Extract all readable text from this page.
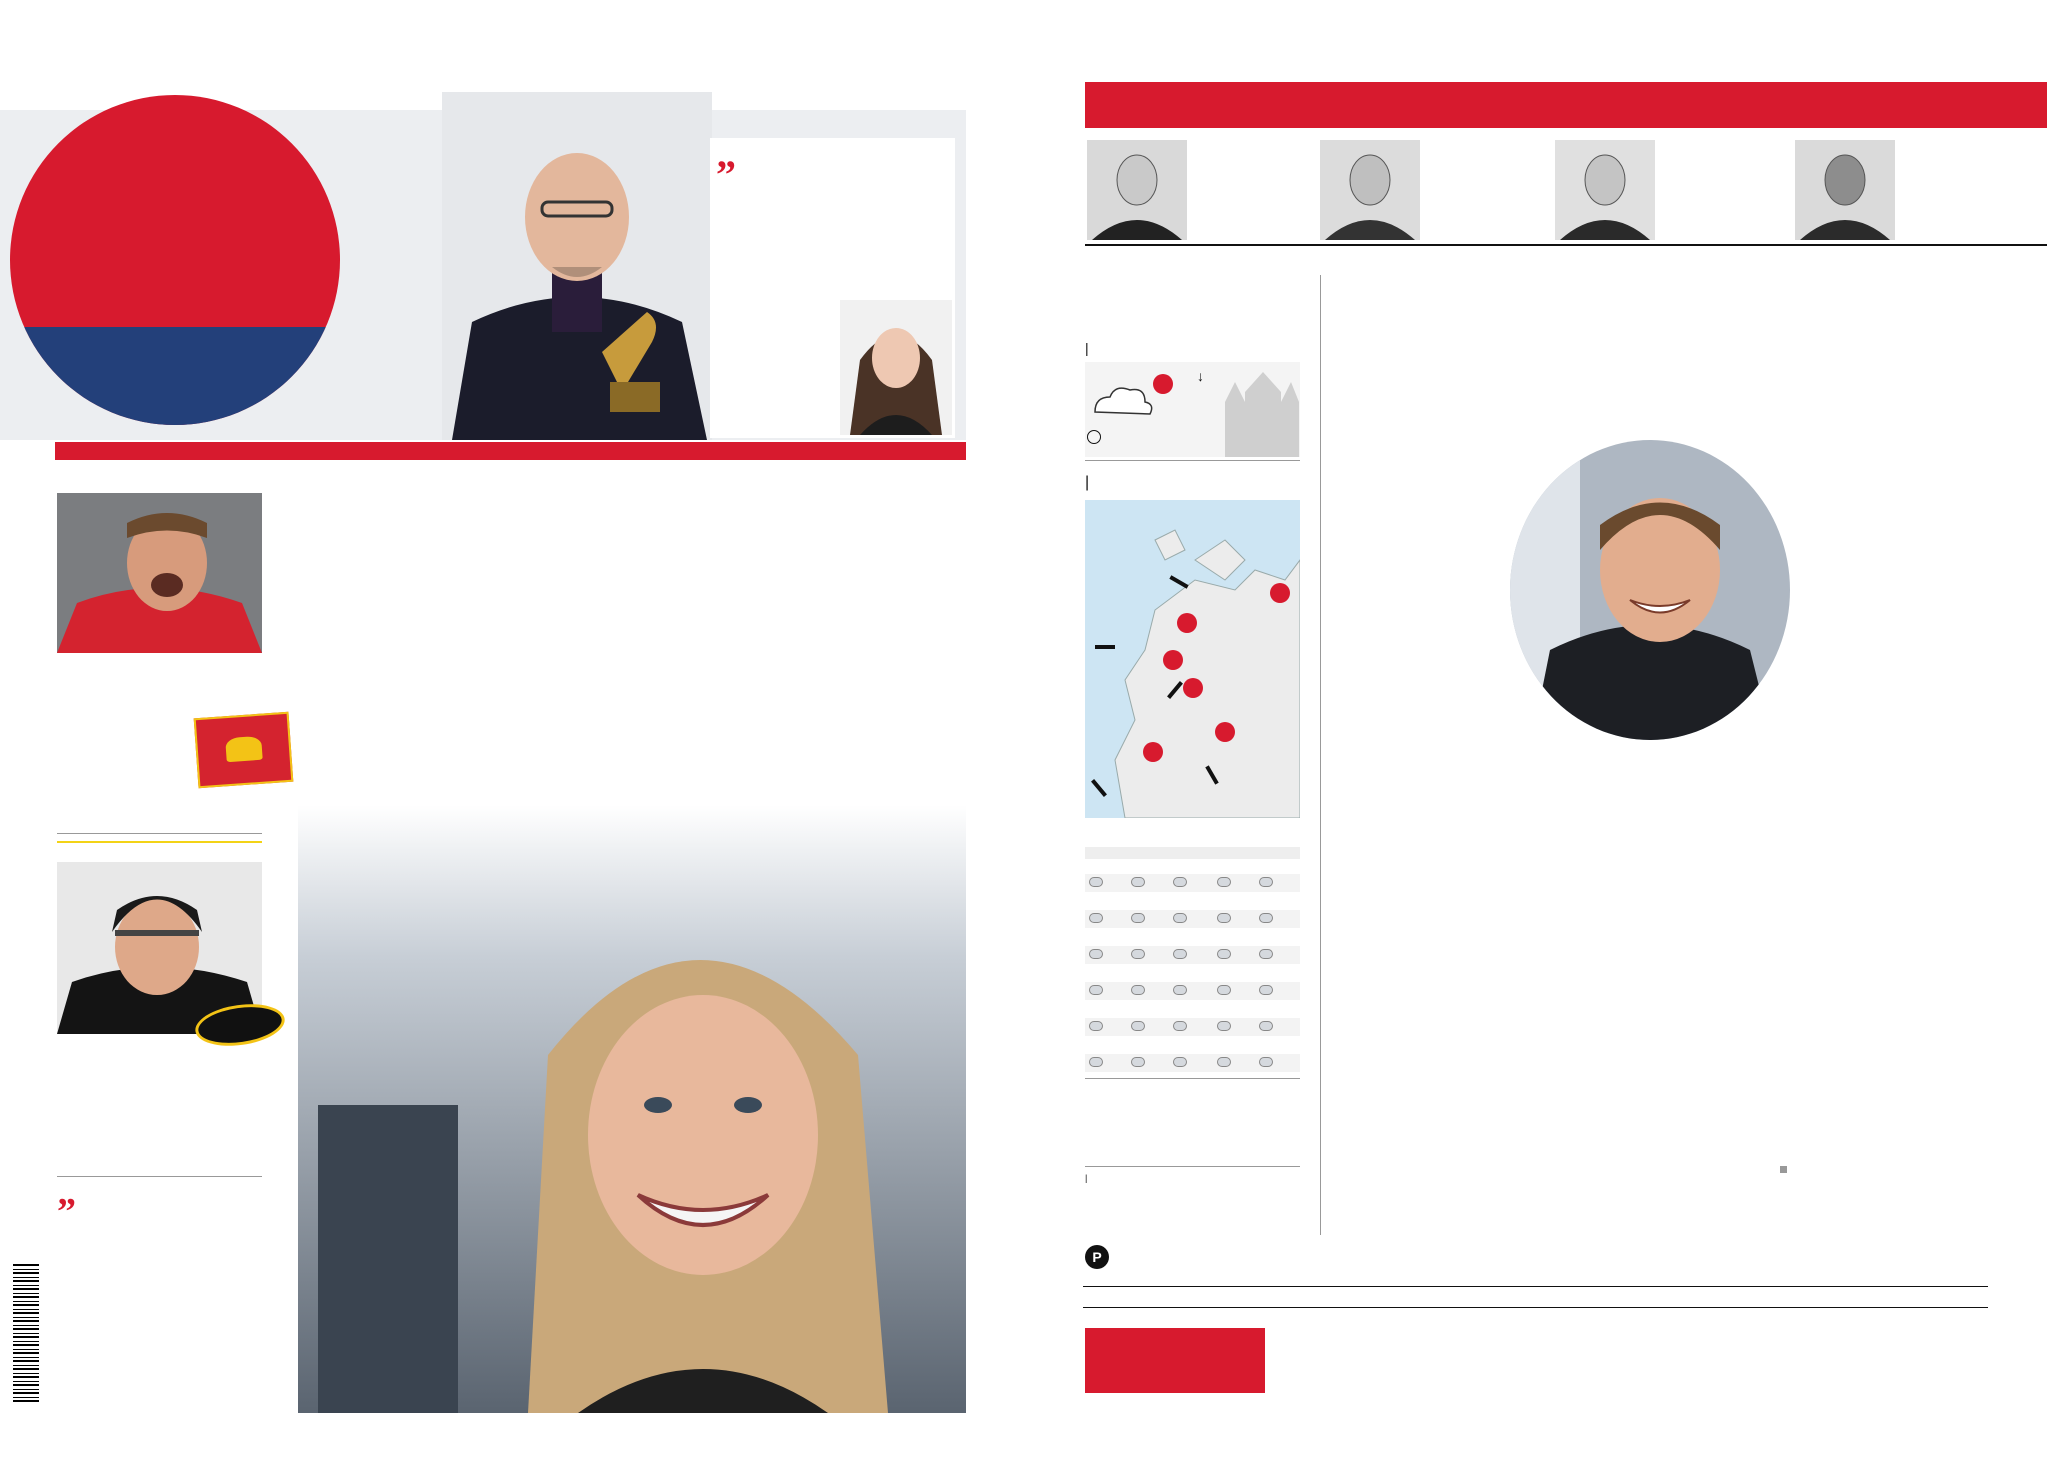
”
”
|
↓
|
|

P
